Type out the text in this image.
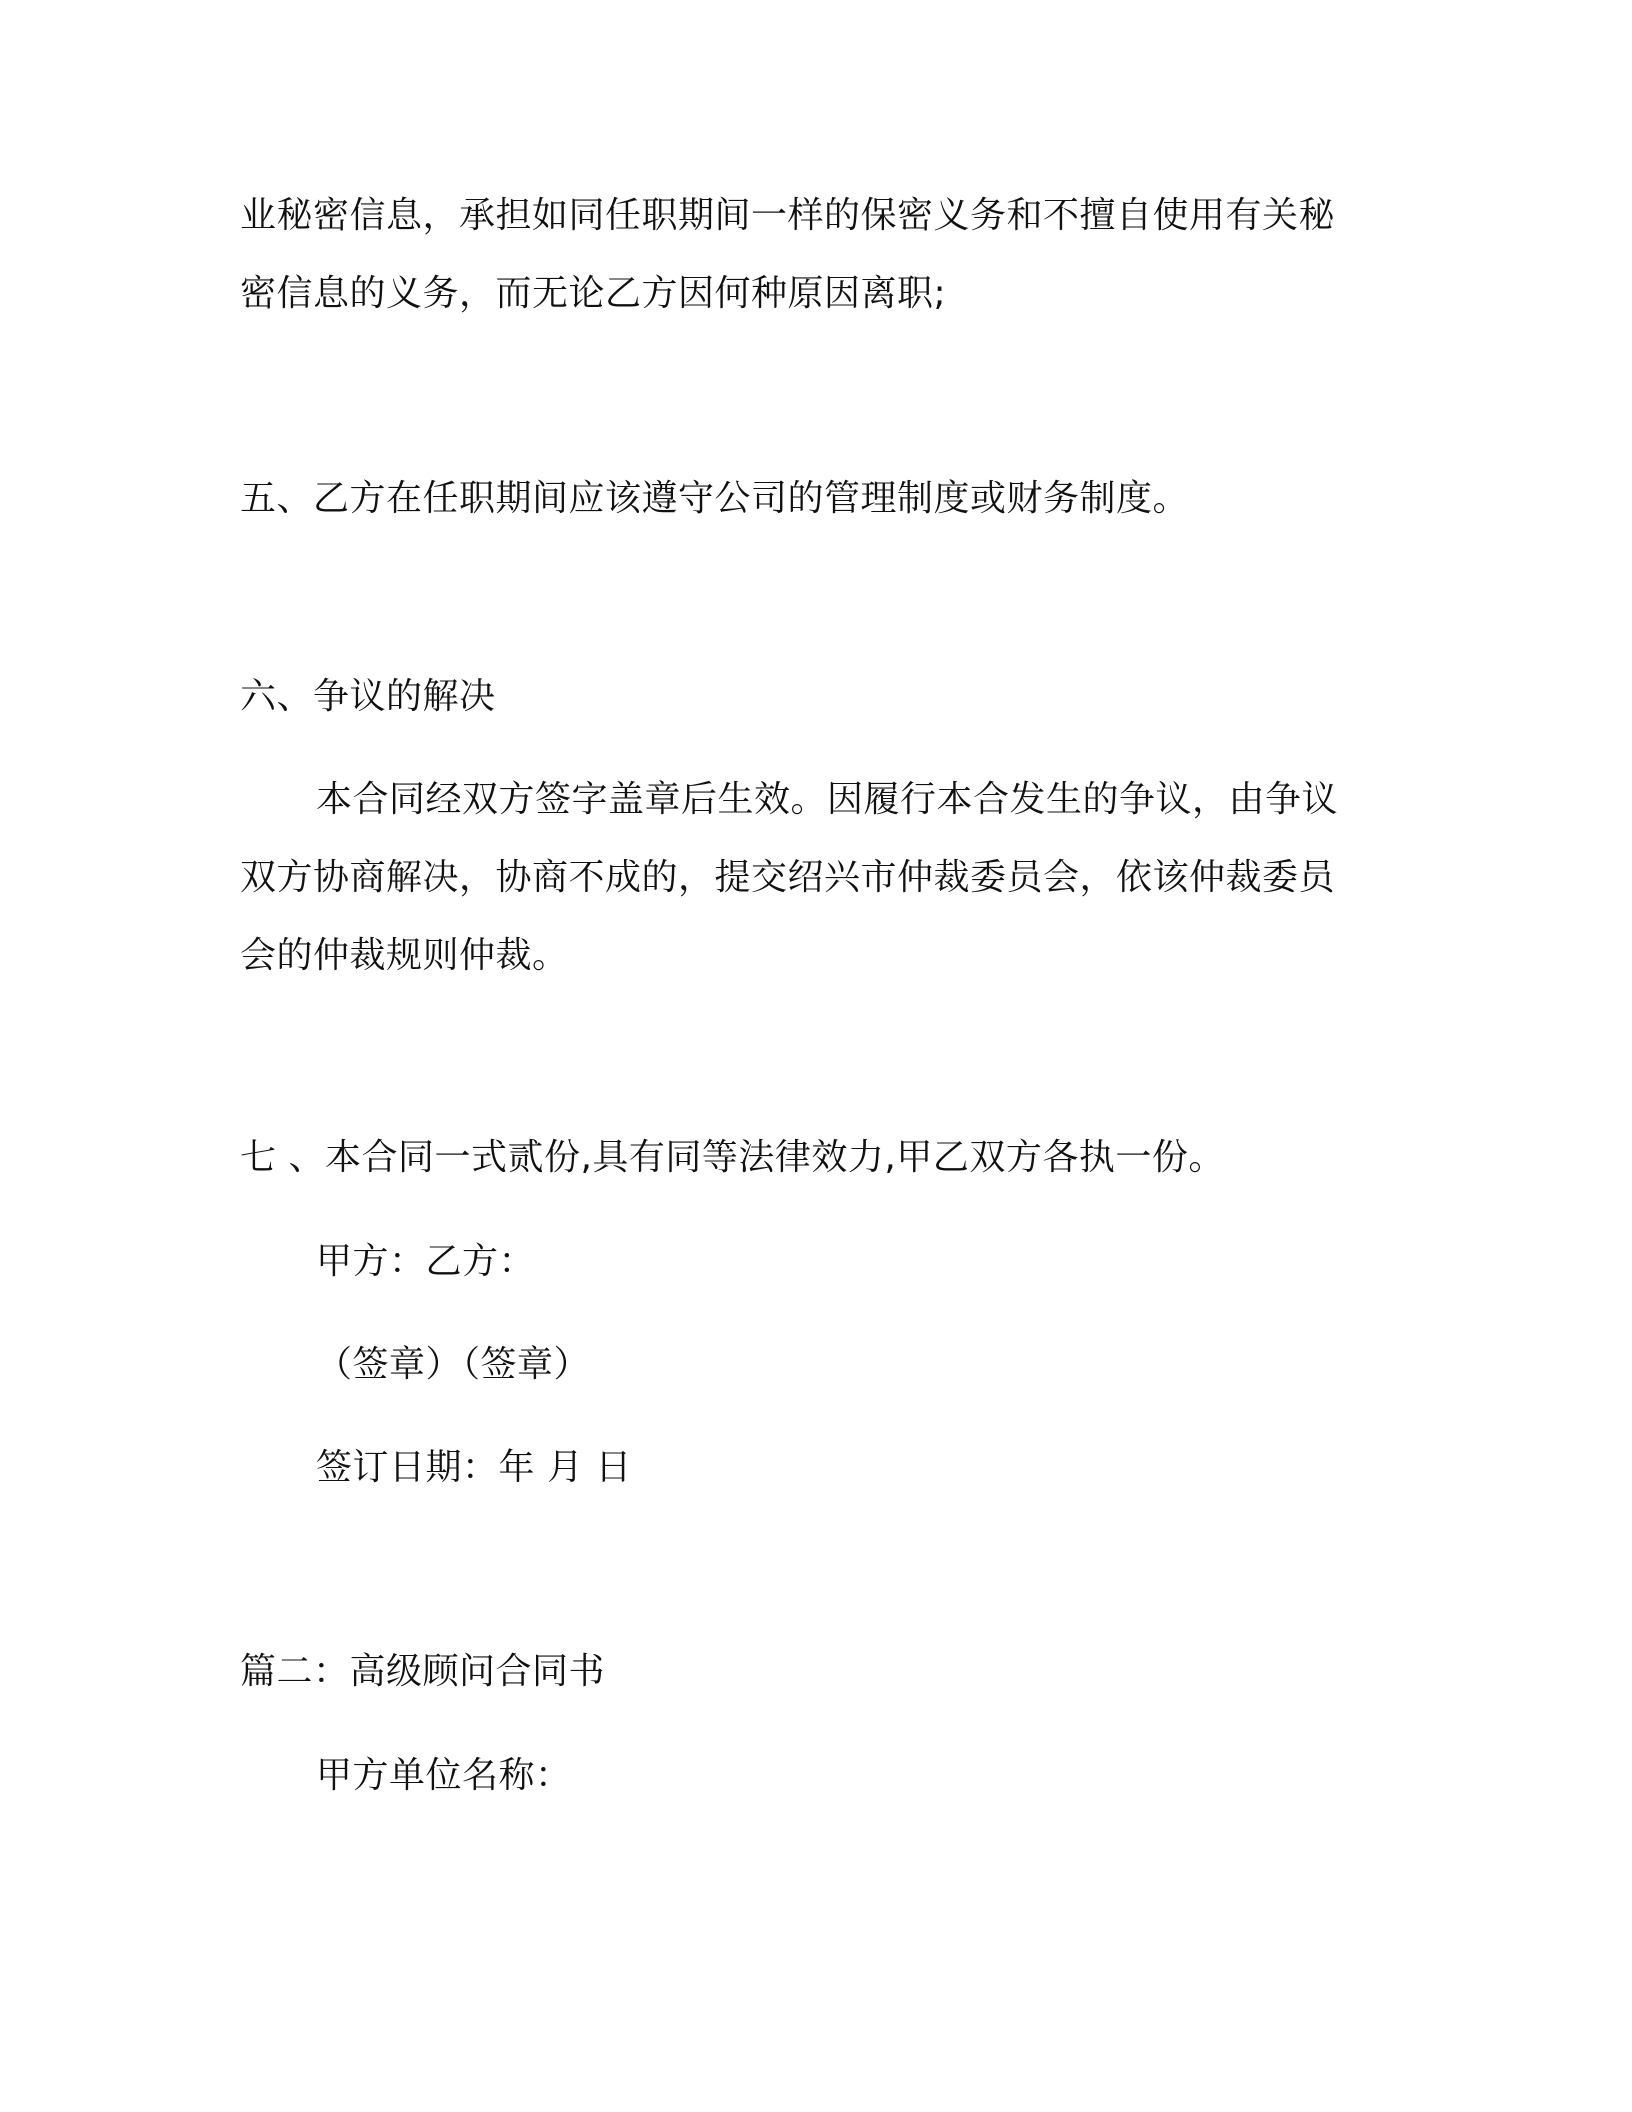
业秘密信息，承担如同任职期间一样的保密义务和不擅自使用有关秘
密信息的义务，而无论乙方因何种原因离职;
五、乙方在任职期间应该遵守公司的管理制度或财务制度。
六、争议的解决
本合同经双方签字盖章后生效。因履行本合发生的争议，由争议
双方协商解决，协商不成的，提交绍兴市仲裁委员会，依该仲裁委员
会的仲裁规则仲裁。
七 、本合同一式贰份,具有同等法律效力,甲乙双方各执一份。
甲方：乙方：
（签章）（签章）
签订日期：年 月 日
篇二：高级顾问合同书
甲方单位名称：
